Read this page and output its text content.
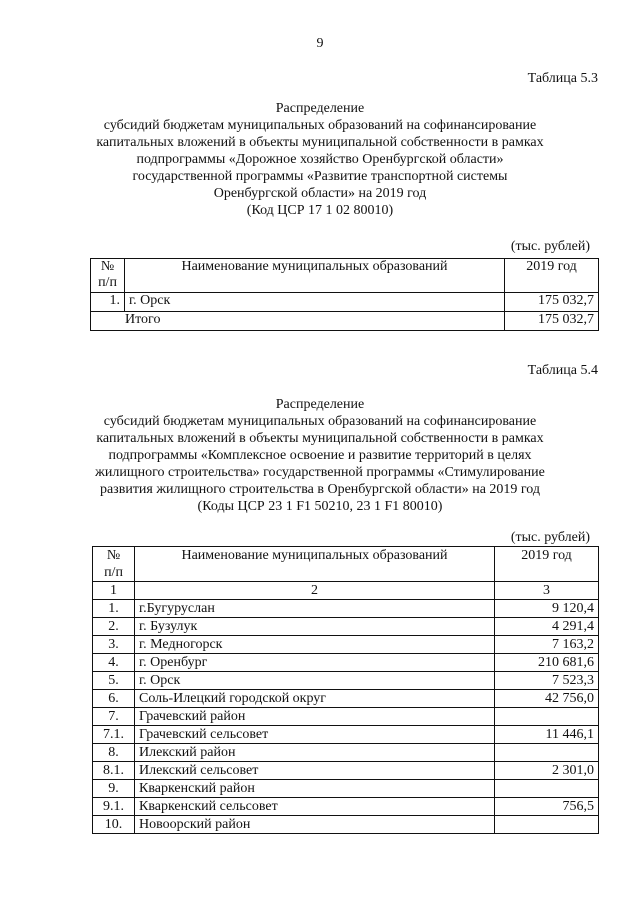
9
Таблица 5.3
Распределение
субсидий бюджетам муниципальных образований на софинансирование
капитальных вложений в объекты муниципальной собственности в рамках
подпрограммы «Дорожное хозяйство Оренбургской области»
государственной программы «Развитие транспортной системы
Оренбургской области» на 2019 год
(Код ЦСР 17 1 02 80010)
(тыс. рублей)
№
п/п	Наименование муниципальных образований	2019 год
1.	г. Орск	175 032,7
Итого		175 032,7
Таблица 5.4
Распределение
субсидий бюджетам муниципальных образований на софинансирование
капитальных вложений в объекты муниципальной собственности в рамках
подпрограммы «Комплексное освоение и развитие территорий в целях
жилищного строительства» государственной программы «Стимулирование
развития жилищного строительства в Оренбургской области» на 2019 год
(Коды ЦСР 23 1 F1 50210, 23 1 F1 80010)
(тыс. рублей)
№
п/п	Наименование муниципальных образований	2019 год
1	2	3
1.	г.Бугуруслан	9 120,4
2.	г. Бузулук	4 291,4
3.	г. Медногорск	7 163,2
4.	г. Оренбург	210 681,6
5.	г. Орск	7 523,3
6.	Соль-Илецкий городской округ	42 756,0
7.	Грачевский район	
7.1.	Грачевский сельсовет	11 446,1
8.	Илекский район	
8.1.	Илекский сельсовет	2 301,0
9.	Кваркенский район	
9.1.	Кваркенский сельсовет	756,5
10.	Новоорский район	
